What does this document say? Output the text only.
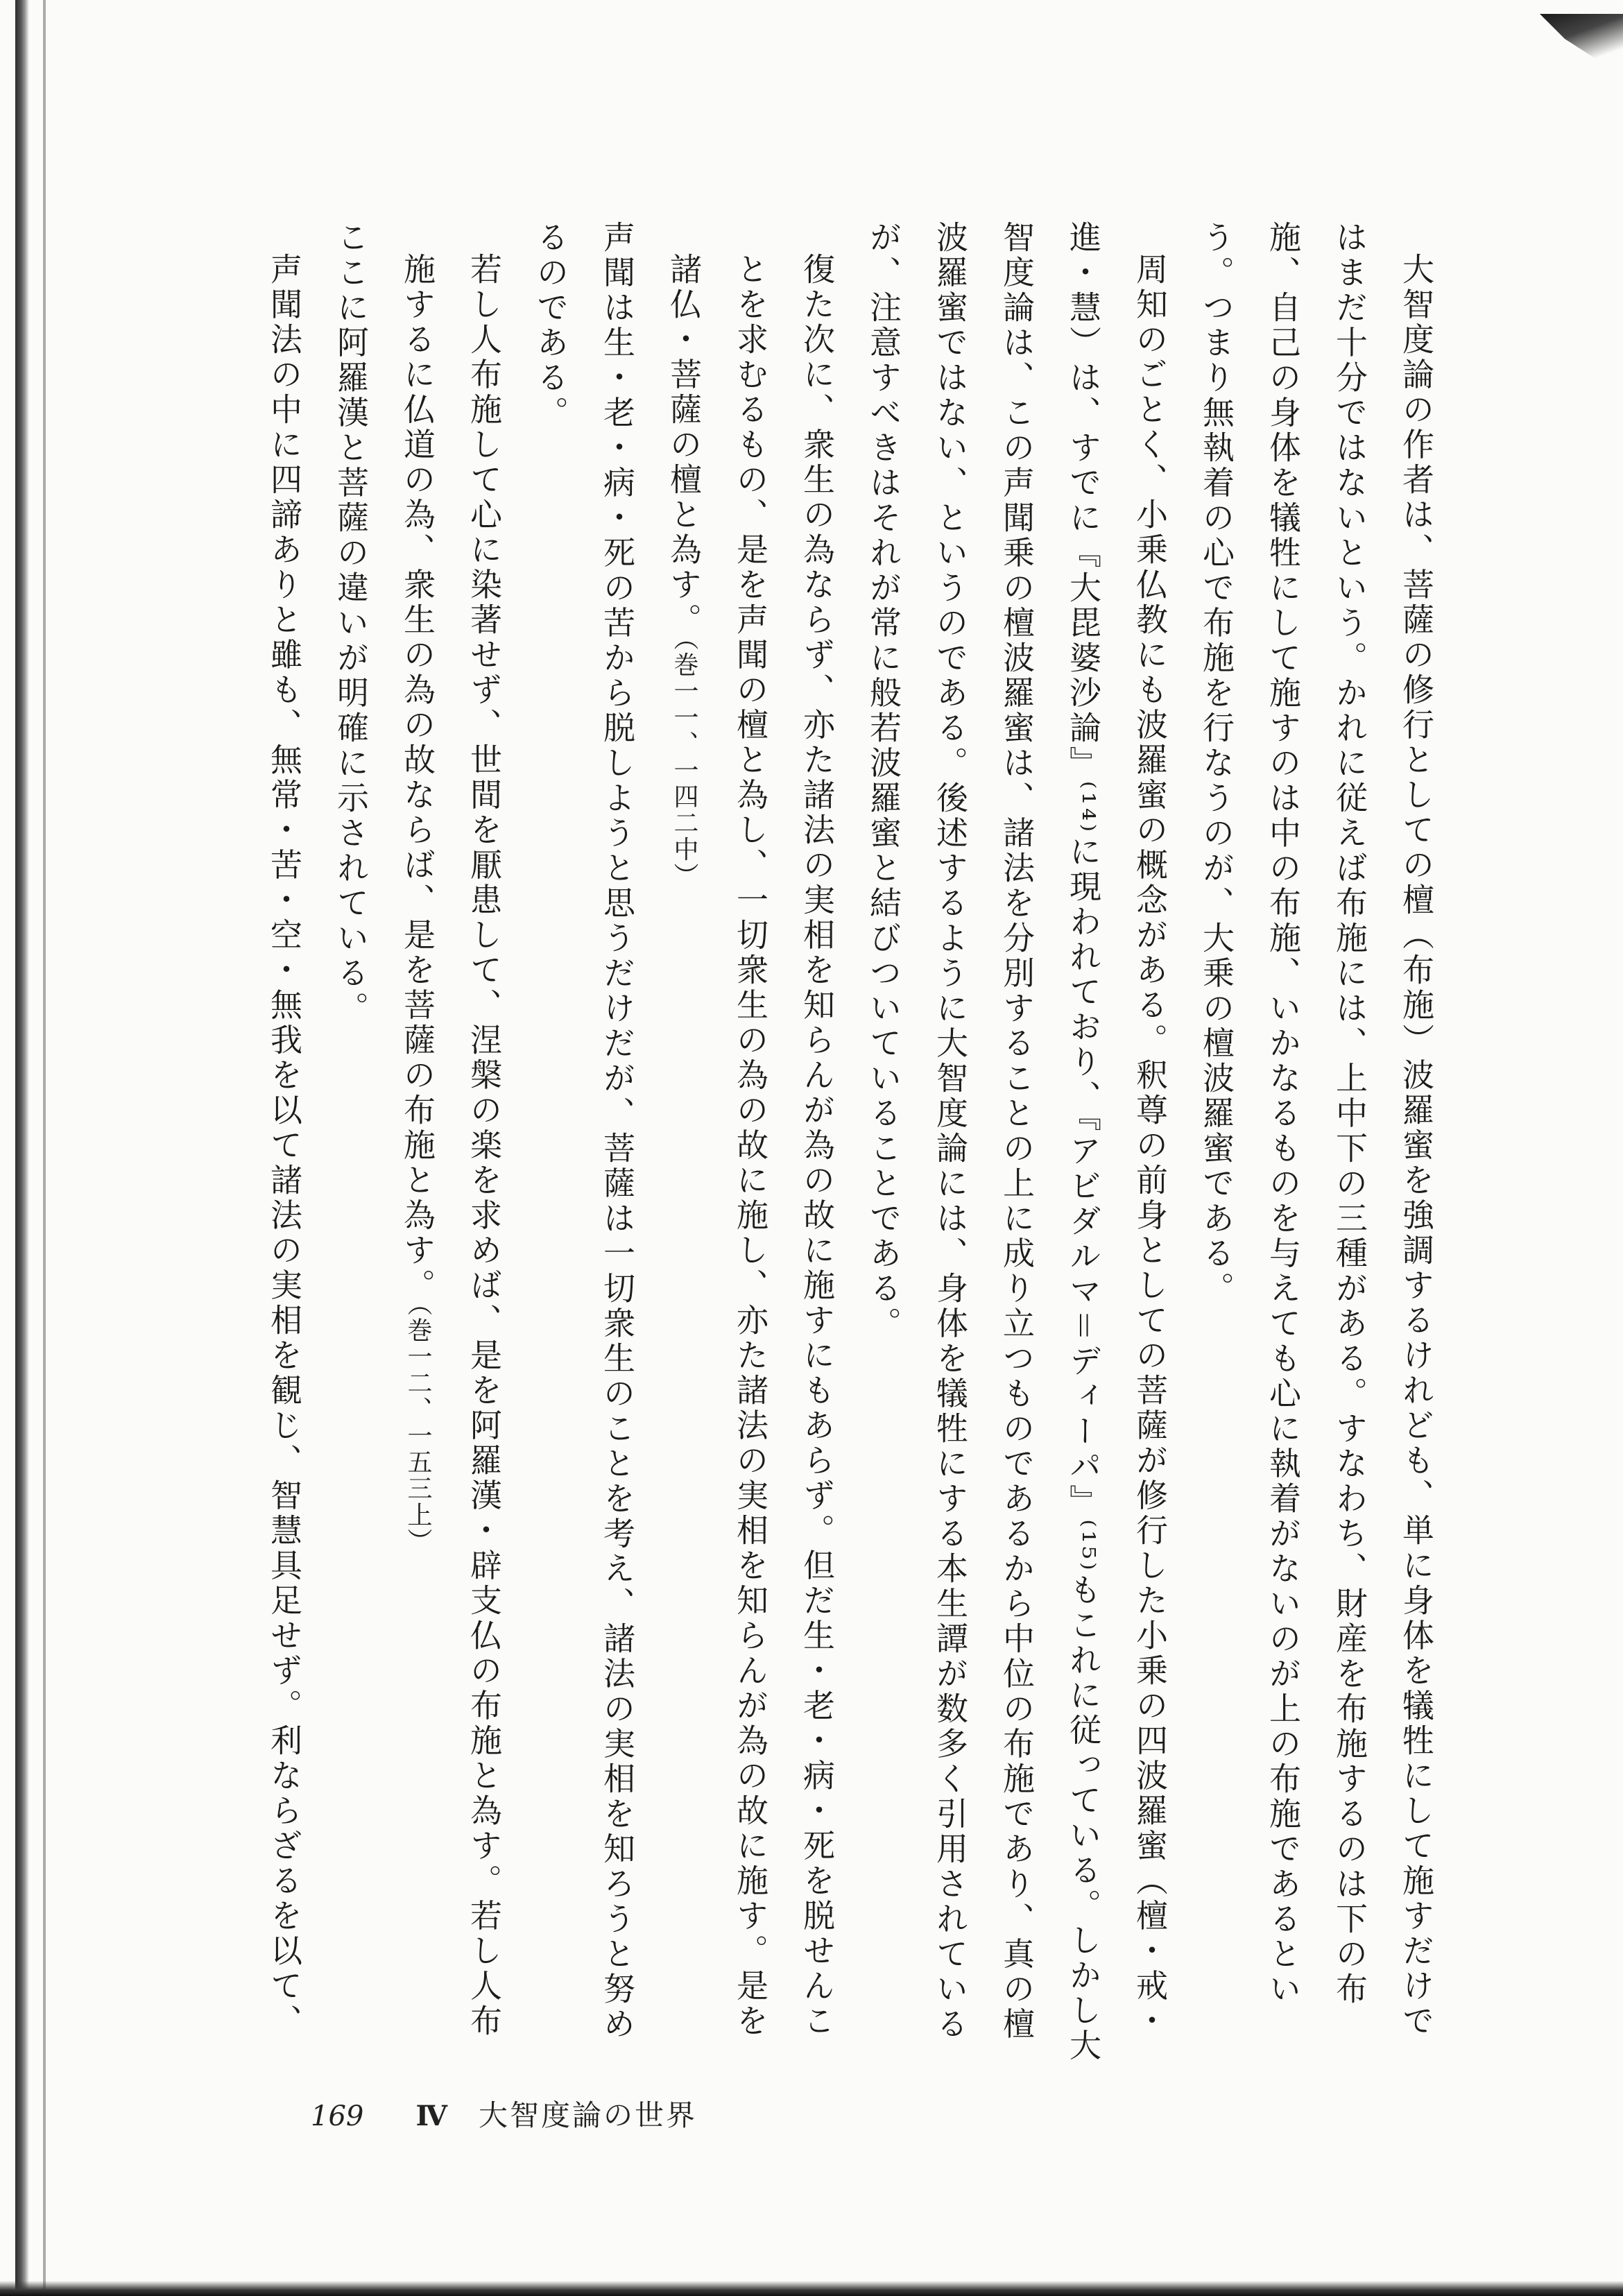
大智度論の作者は、菩薩の修行としての檀（布施）波羅蜜を強調するけれども、単に身体を犠牲にして施すだけではまだ十分ではないという。かれに従えば布施には、上中下の三種がある。すなわち、財産を布施するのは下の布施、自己の身体を犠牲にして施すのは中の布施、いかなるものを与えても心に執着がないのが上の布施であるという。つまり無執着の心で布施を行なうのが、大乗の檀波羅蜜である。

周知のごとく、小乗仏教にも波羅蜜の概念がある。釈尊の前身としての菩薩が修行した小乗の四波羅蜜（檀・戒・進・慧）は、すでに『大毘婆沙論』⁽¹⁴⁾に現われており、『アビダルマ＝ディーパ』⁽¹⁵⁾もこれに従っている。しかし大智度論は、この声聞乗の檀波羅蜜は、諸法を分別することの上に成り立つものであるから中位の布施であり、真の檀波羅蜜ではない、というのである。後述するように大智度論には、身体を犠牲にする本生譚が数多く引用されているが、注意すべきはそれが常に般若波羅蜜と結びついていることである。

復た次に、衆生の為ならず、亦た諸法の実相を知らんが為の故に施すにもあらず。但だ生・老・病・死を脱せんことを求むるもの、是を声聞の檀と為し、一切衆生の為の故に施し、亦た諸法の実相を知らんが為の故に施す。是を諸仏・菩薩の檀と為す。（巻一一、一四二中）

声聞は生・老・病・死の苦から脱しようと思うだけだが、菩薩は一切衆生のことを考え、諸法の実相を知ろうと努めるのである。

若し人布施して心に染著せず、世間を厭患して、涅槃の楽を求めば、是を阿羅漢・辟支仏の布施と為す。若し人布施するに仏道の為、衆生の為の故ならば、是を菩薩の布施と為す。（巻一二、一五三上）

ここに阿羅漢と菩薩の違いが明確に示されている。

声聞法の中に四諦ありと雖も、無常・苦・空・無我を以て諸法の実相を観じ、智慧具足せず。利ならざるを以て、

169 Ⅳ 大智度論の世界
